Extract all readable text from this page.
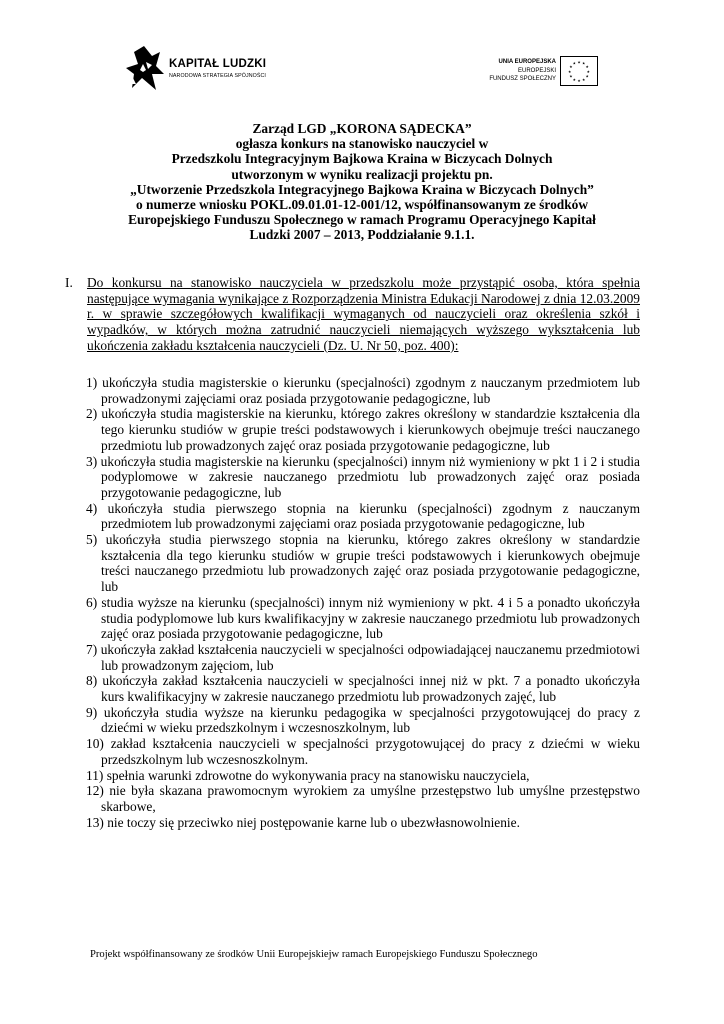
KAPITAŁ LUDZKI
NARODOWA STRATEGIA SPÓJNOŚCI
UNIA EUROPEJSKA
EUROPEJSKI
FUNDUSZ SPOŁECZNY
★ ★
★
★
★
★
★
★
★
★
★
★
Zarząd LGD „KORONA SĄDECKA”
ogłasza konkurs na stanowisko nauczyciel w
Przedszkolu Integracyjnym Bajkowa Kraina w Biczycach Dolnych
utworzonym w wyniku realizacji projektu pn.
„Utworzenie Przedszkola Integracyjnego Bajkowa Kraina w Biczycach Dolnych”
o numerze wniosku POKL.09.01.01-12-001/12, współfinansowanym ze środków
Europejskiego Funduszu Społecznego w ramach Programu Operacyjnego Kapitał
Ludzki 2007 – 2013, Poddziałanie 9.1.1.
I. Do konkursu na stanowisko nauczyciela w przedszkolu może przystąpić osoba, która spełnia następujące wymagania wynikające z Rozporządzenia Ministra Edukacji Narodowej z dnia 12.03.2009 r. w sprawie szczegółowych kwalifikacji wymaganych od nauczycieli oraz określenia szkół i wypadków, w których można zatrudnić nauczycieli niemających wyższego wykształcenia lub ukończenia zakładu kształcenia nauczycieli (Dz. U. Nr 50, poz. 400):
1) ukończyła studia magisterskie o kierunku (specjalności) zgodnym z nauczanym przedmiotem lub prowadzonymi zajęciami oraz posiada przygotowanie pedagogiczne, lub
2) ukończyła studia magisterskie na kierunku, którego zakres określony w standardzie kształcenia dla tego kierunku studiów w grupie treści podstawowych i kierunkowych obejmuje treści nauczanego przedmiotu lub prowadzonych zajęć oraz posiada przygotowanie pedagogiczne, lub
3) ukończyła studia magisterskie na kierunku (specjalności) innym niż wymieniony w pkt 1 i 2 i studia podyplomowe w zakresie nauczanego przedmiotu lub prowadzonych zajęć oraz posiada przygotowanie pedagogiczne, lub
4) ukończyła studia pierwszego stopnia na kierunku (specjalności) zgodnym z nauczanym przedmiotem lub prowadzonymi zajęciami oraz posiada przygotowanie pedagogiczne, lub
5) ukończyła studia pierwszego stopnia na kierunku, którego zakres określony w standardzie kształcenia dla tego kierunku studiów w grupie treści podstawowych i kierunkowych obejmuje treści nauczanego przedmiotu lub prowadzonych zajęć oraz posiada przygotowanie pedagogiczne, lub
6) studia wyższe na kierunku (specjalności) innym niż wymieniony w pkt. 4 i 5 a ponadto ukończyła studia podyplomowe lub kurs kwalifikacyjny w zakresie nauczanego przedmiotu lub prowadzonych zajęć oraz posiada przygotowanie pedagogiczne, lub
7) ukończyła zakład kształcenia nauczycieli w specjalności odpowiadającej nauczanemu przedmiotowi lub prowadzonym zajęciom, lub
8) ukończyła zakład kształcenia nauczycieli w specjalności innej niż w pkt. 7 a ponadto ukończyła kurs kwalifikacyjny w zakresie nauczanego przedmiotu lub prowadzonych zajęć, lub
9) ukończyła studia wyższe na kierunku pedagogika w specjalności przygotowującej do pracy z dziećmi w wieku przedszkolnym i wczesnoszkolnym, lub
10) zakład kształcenia nauczycieli w specjalności przygotowującej do pracy z dziećmi w wieku przedszkolnym lub wczesnoszkolnym.
11) spełnia warunki zdrowotne do wykonywania pracy na stanowisku nauczyciela,
12) nie była skazana prawomocnym wyrokiem za umyślne przestępstwo lub umyślne przestępstwo skarbowe,
13) nie toczy się przeciwko niej postępowanie karne lub o ubezwłasnowolnienie.
Projekt współfinansowany ze środków Unii Europejskiejw ramach Europejskiego Funduszu Społecznego
